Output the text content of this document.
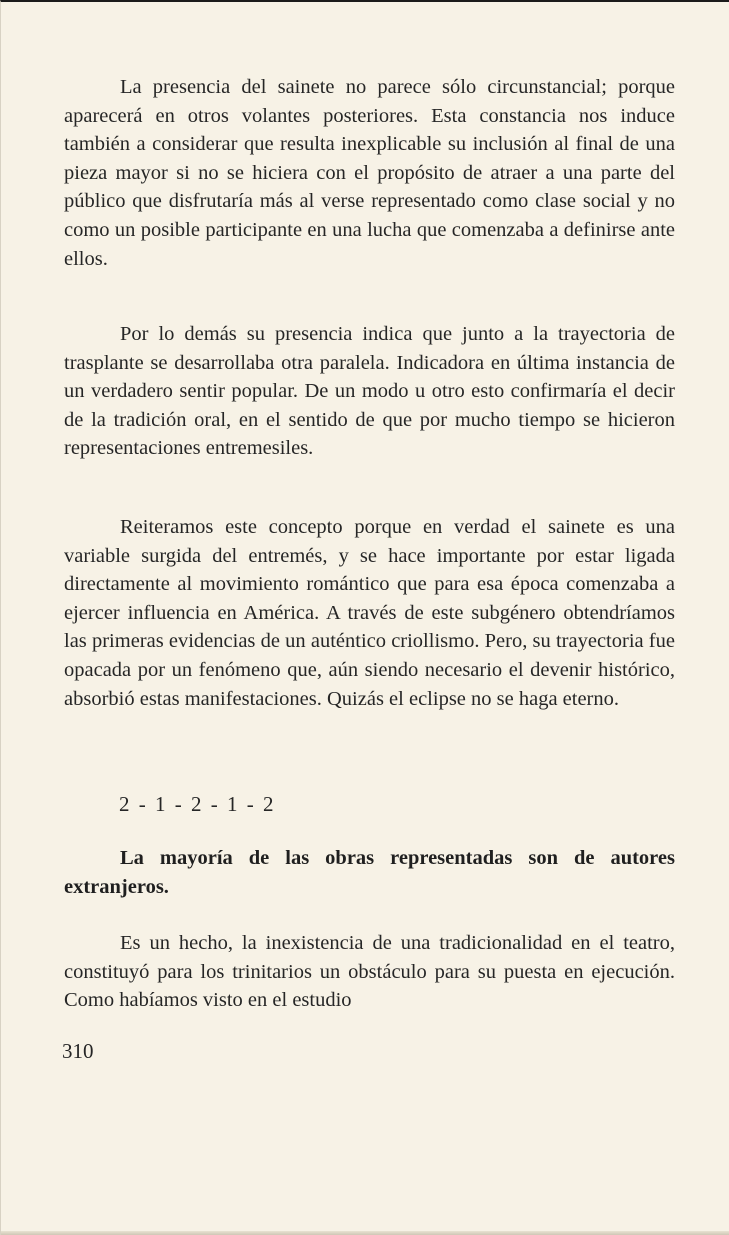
La presencia del sainete no parece sólo circunstancial; porque aparecerá en otros volantes posteriores. Esta constancia nos induce también a considerar que resulta inexplicable su inclusión al final de una pieza mayor si no se hiciera con el propósito de atraer a una parte del público que disfrutaría más al verse representado como clase social y no como un posible participante en una lucha que comenzaba a definirse ante ellos.

Por lo demás su presencia indica que junto a la trayectoria de trasplante se desarrollaba otra paralela. Indicadora en última instancia de un verdadero sentir popular. De un modo u otro esto confirmaría el decir de la tradición oral, en el sentido de que por mucho tiempo se hicieron representaciones entremesiles.

Reiteramos este concepto porque en verdad el sainete es una variable surgida del entremés, y se hace importante por estar ligada directamente al movimiento romántico que para esa época comenzaba a ejercer influencia en América. A través de este subgénero obtendríamos las primeras evidencias de un auténtico criollismo. Pero, su trayectoria fue opacada por un fenómeno que, aún siendo necesario el devenir histórico, absorbió estas manifestaciones. Quizás el eclipse no se haga eterno.

2 - 1 - 2 - 1 - 2

La mayoría de las obras representadas son de autores extranjeros.

Es un hecho, la inexistencia de una tradicionalidad en el teatro, constituyó para los trinitarios un obstáculo para su puesta en ejecución. Como habíamos visto en el estudio

310
